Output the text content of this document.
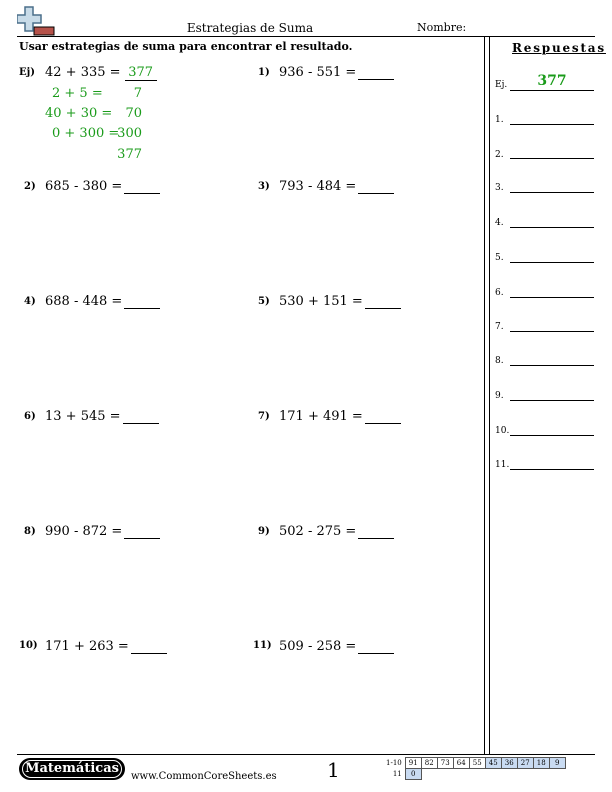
Estrategias de Suma	Nombre:
Usar estrategias de suma para encontrar el resultado.
Ej) 42 + 335 = 377
2 + 5 = 7
40 + 30 = 70
0 + 300 =
300
377
1) 936 - 551 =
2) 685 - 380 =	3) 793 - 484 =
4) 688 - 448 =	5) 530 + 151 =
6) 13 + 545 =	7) 171 + 491 =
8) 990 - 872 =	9) 502 - 275 =
10) 171 + 263 =	11) 509 - 258 =
Respuestas
Ej.	377
1.
2.
3.
4.
5.
6.
7.
8.
9.
10.
11.
Matemáticas
www.CommonCoreSheets.es	1	1-10	91	82	73	64	55	45	36	27	18	9
11	0									
